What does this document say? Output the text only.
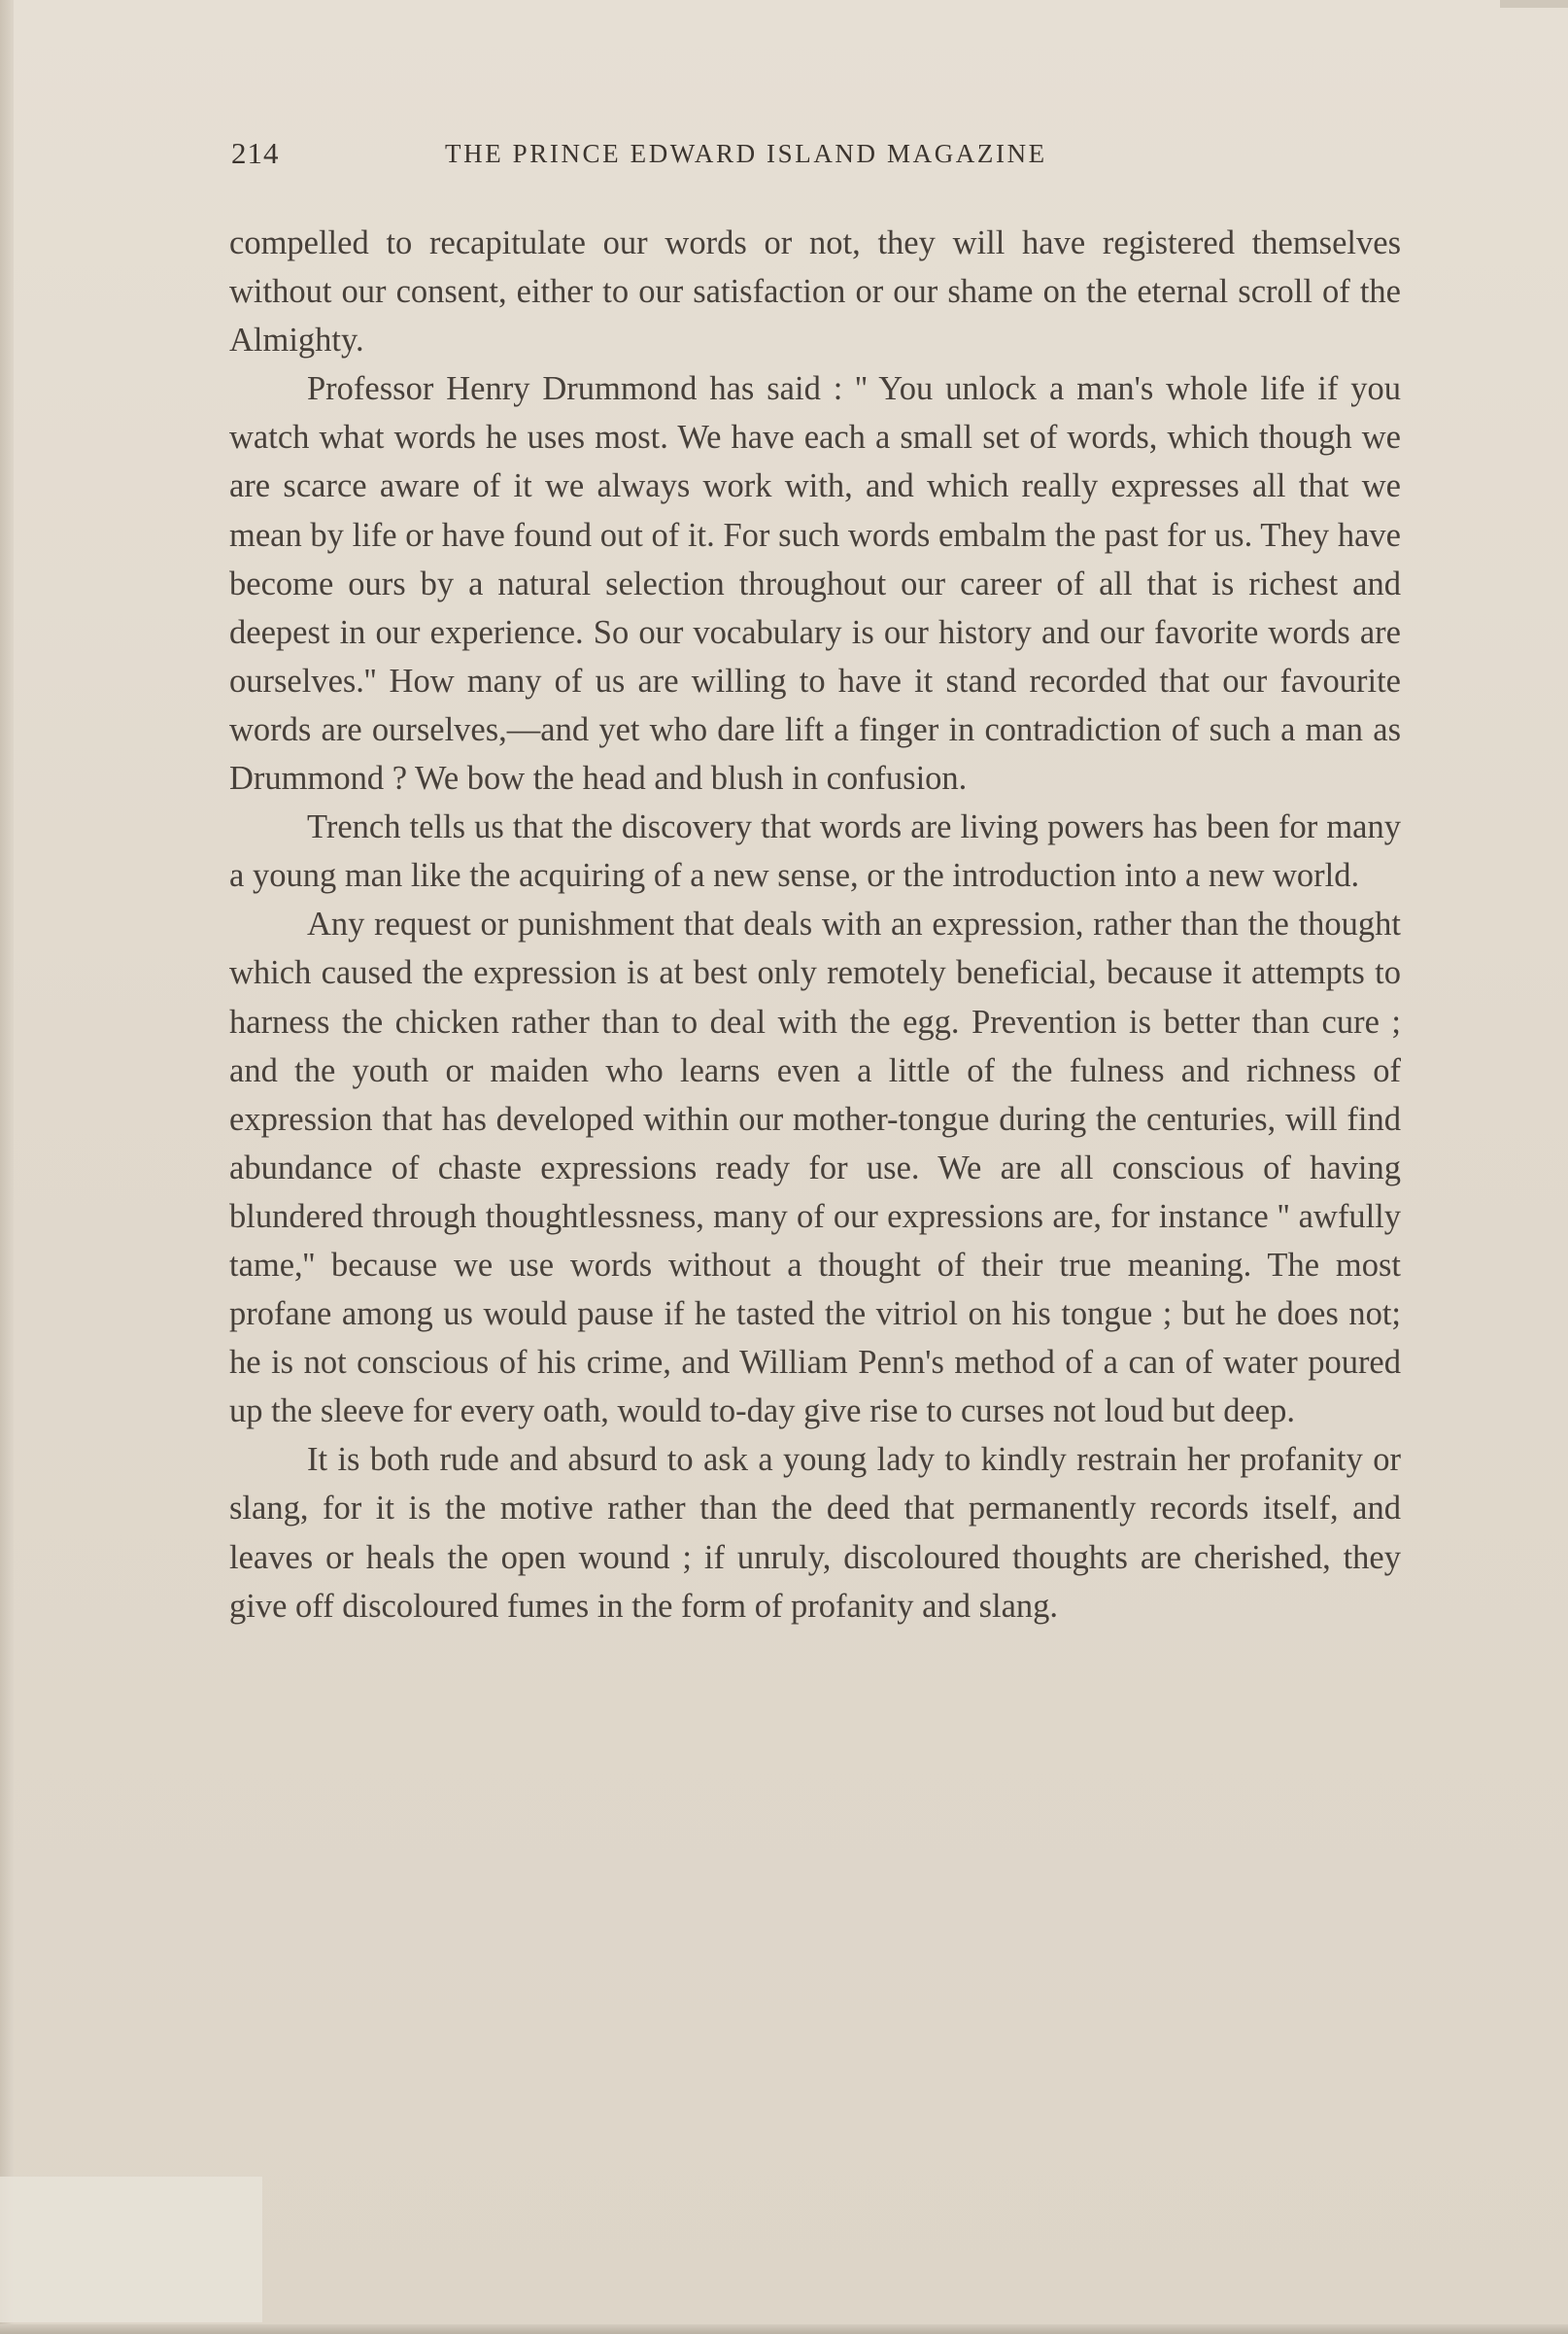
214	THE PRINCE EDWARD ISLAND MAGAZINE

compelled to recapitulate our words or not, they will have registered themselves without our consent, either to our satisfaction or our shame on the eternal scroll of the Almighty.

Professor Henry Drummond has said : '' You unlock a man's whole life if you watch what words he uses most. We have each a small set of words, which though we are scarce aware of it we always work with, and which really expresses all that we mean by life or have found out of it. For such words embalm the past for us. They have become ours by a natural selection throughout our career of all that is richest and deepest in our experience. So our vocabulary is our history and our favorite words are ourselves.'' How many of us are willing to have it stand recorded that our favourite words are ourselves,—and yet who dare lift a finger in contradiction of such a man as Drummond ? We bow the head and blush in confusion.

Trench tells us that the discovery that words are living powers has been for many a young man like the acquiring of a new sense, or the introduction into a new world.

Any request or punishment that deals with an expression, rather than the thought which caused the expression is at best only remotely beneficial, because it attempts to harness the chicken rather than to deal with the egg. Prevention is better than cure ; and the youth or maiden who learns even a little of the fulness and richness of expression that has developed within our mother-tongue during the centuries, will find abundance of chaste expressions ready for use. We are all conscious of having blundered through thoughtlessness, many of our expressions are, for instance '' awfully tame,'' because we use words without a thought of their true meaning. The most profane among us would pause if he tasted the vitriol on his tongue ; but he does not; he is not conscious of his crime, and William Penn's method of a can of water poured up the sleeve for every oath, would to-day give rise to curses not loud but deep.

It is both rude and absurd to ask a young lady to kindly restrain her profanity or slang, for it is the motive rather than the deed that permanently records itself, and leaves or heals the open wound ; if unruly, discoloured thoughts are cherished, they give off discoloured fumes in the form of profanity and slang.
